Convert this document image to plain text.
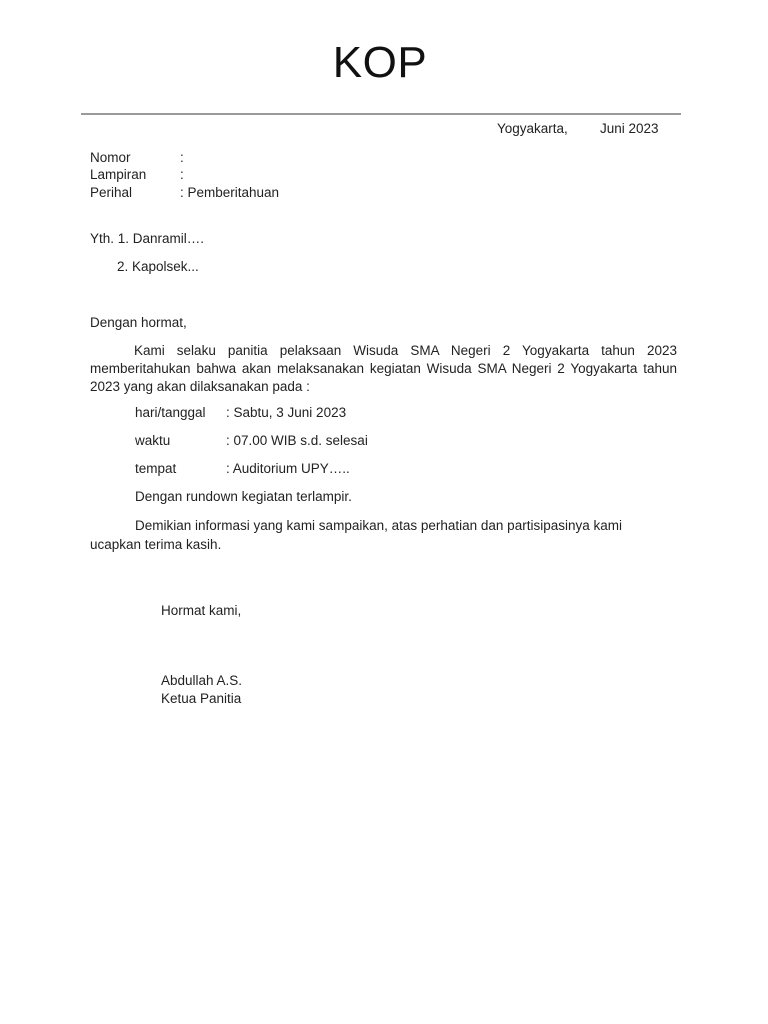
KOP
Yogyakarta, Juni 2023
Nomor	:
Lampiran :
Perihal	: Pemberitahuan
Yth. 1. Danramil….
2. Kapolsek...
Dengan hormat,
Kami selaku panitia pelaksaan Wisuda SMA Negeri 2 Yogyakarta tahun 2023
memberitahukan bahwa akan melaksanakan kegiatan Wisuda SMA Negeri 2 Yogyakarta tahun
2023 yang akan dilaksanakan pada :
hari/tanggal : Sabtu, 3 Juni 2023
waktu	: 07.00 WIB s.d. selesai
tempat	: Auditorium UPY…..
Dengan rundown kegiatan terlampir.
Demikian informasi yang kami sampaikan, atas perhatian dan partisipasinya kami
ucapkan terima kasih.
Hormat kami,
Abdullah A.S.
Ketua Panitia
